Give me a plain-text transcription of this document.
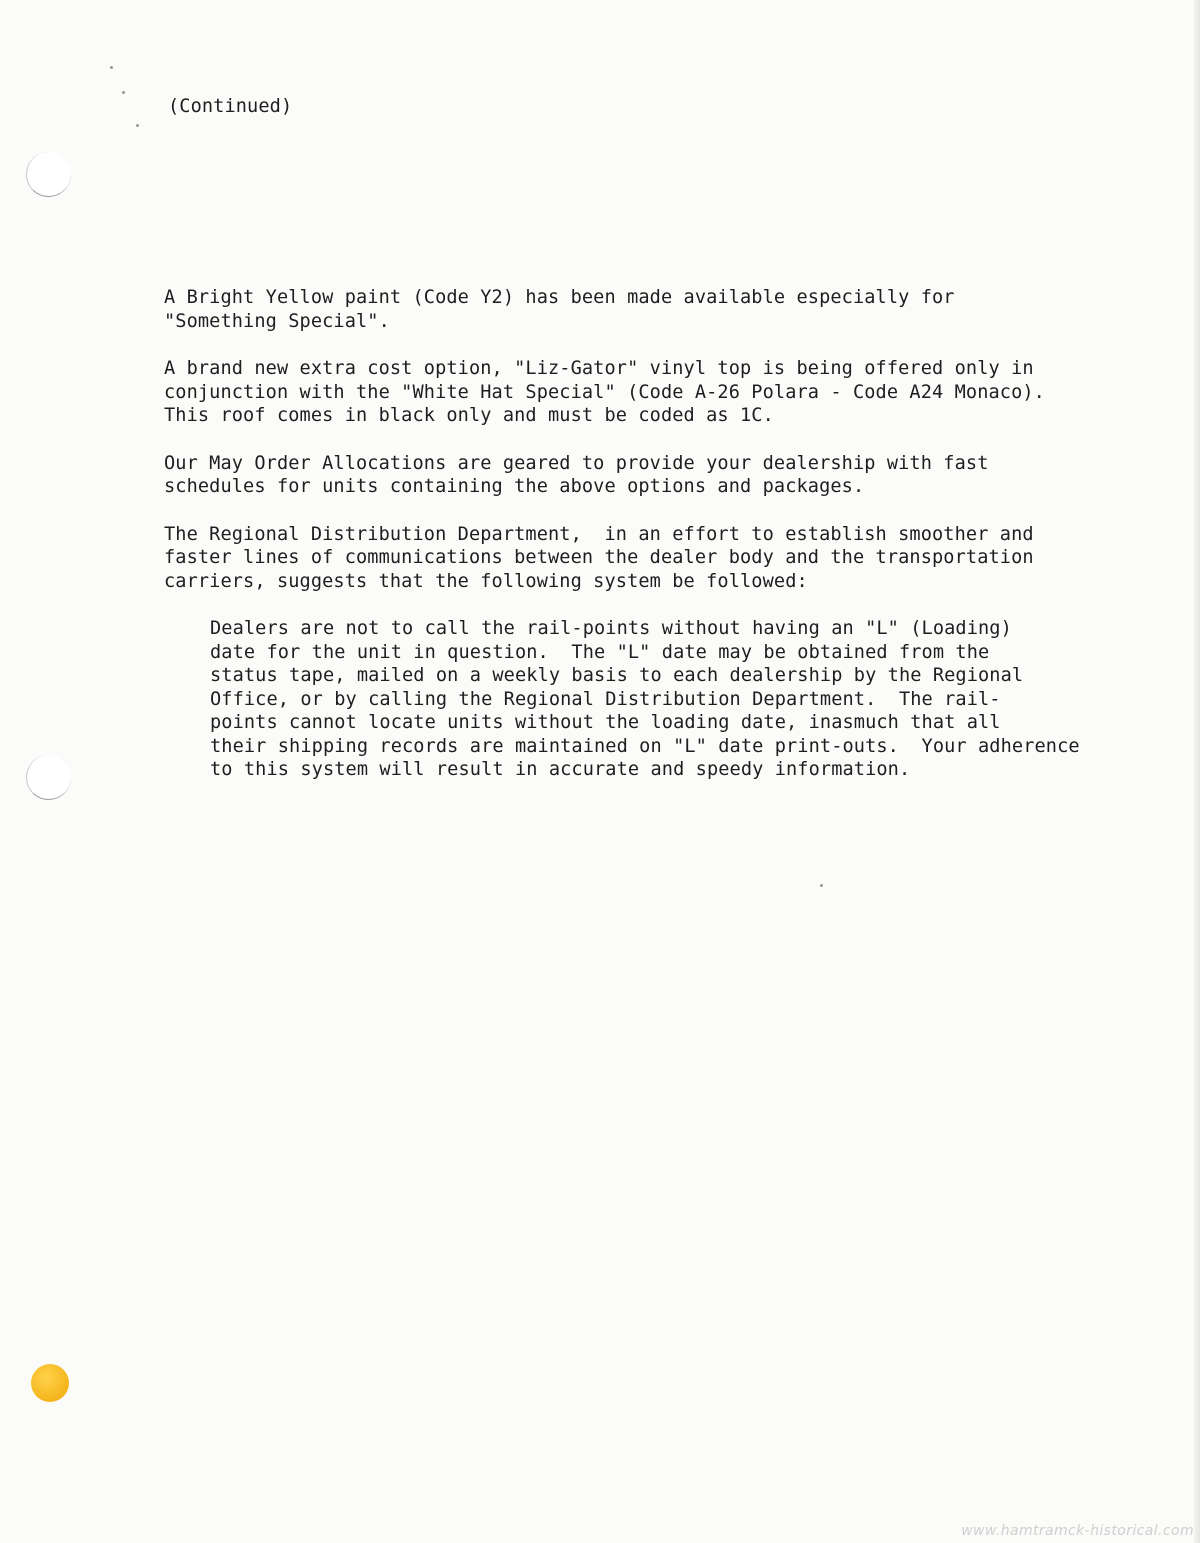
(Continued)

A Bright Yellow paint (Code Y2) has been made available especially for
"Something Special".

A brand new extra cost option, "Liz-Gator" vinyl top is being offered only in
conjunction with the "White Hat Special" (Code A-26 Polara - Code A24 Monaco).
This roof comes in black only and must be coded as 1C.

Our May Order Allocations are geared to provide your dealership with fast
schedules for units containing the above options and packages.

The Regional Distribution Department,  in an effort to establish smoother and
faster lines of communications between the dealer body and the transportation
carriers, suggests that the following system be followed:

Dealers are not to call the rail-points without having an "L" (Loading)
date for the unit in question.  The "L" date may be obtained from the
status tape, mailed on a weekly basis to each dealership by the Regional
Office, or by calling the Regional Distribution Department.  The rail-
points cannot locate units without the loading date, inasmuch that all
their shipping records are maintained on "L" date print-outs.  Your adherence
to this system will result in accurate and speedy information.

www.hamtramck-historical.com
